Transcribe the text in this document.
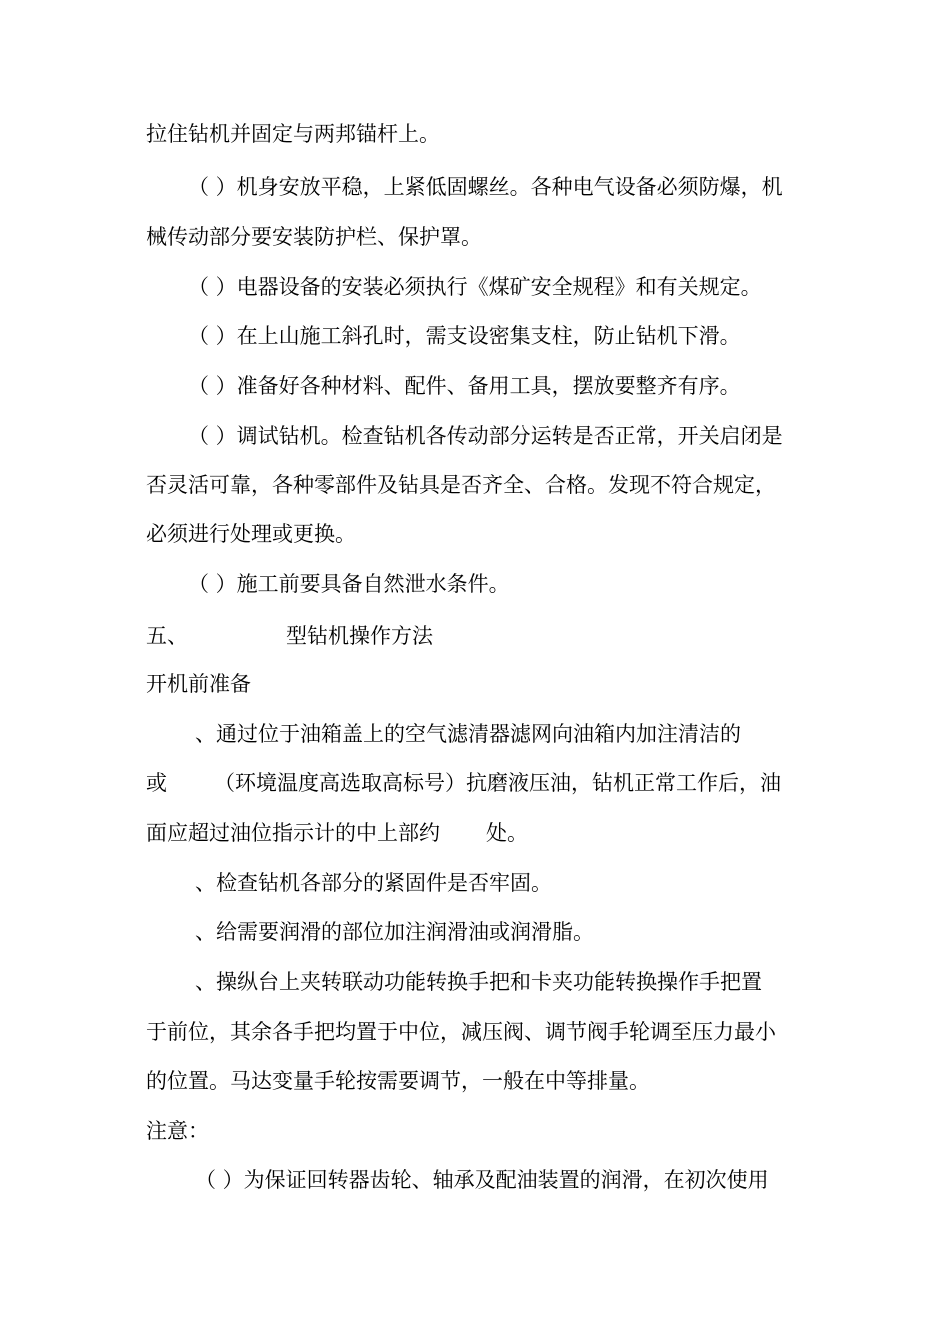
拉住钻机并固定与两邦锚杆上。

（ ）机身安放平稳，上紧低固螺丝。各种电气设备必须防爆，机

械传动部分要安装防护栏、保护罩。

（ ）电器设备的安装必须执行《煤矿安全规程》和有关规定。

（ ）在上山施工斜孔时，需支设密集支柱，防止钻机下滑。

（ ）准备好各种材料、配件、备用工具，摆放要整齐有序。

（ ）调试钻机。检查钻机各传动部分运转是否正常，开关启闭是

否灵活可靠，各种零部件及钻具是否齐全、合格。发现不符合规定，

必须进行处理或更换。

（ ）施工前要具备自然泄水条件。

五、	型钻机操作方法

开机前准备

、通过位于油箱盖上的空气滤清器滤网向油箱内加注清洁的

或 （环境温度高选取高标号）抗磨液压油，钻机正常工作后，油

面应超过油位指示计的中上部约 处。

、检查钻机各部分的紧固件是否牢固。

、给需要润滑的部位加注润滑油或润滑脂。

、操纵台上夹转联动功能转换手把和卡夹功能转换操作手把置

于前位，其余各手把均置于中位，减压阀、调节阀手轮调至压力最小

的位置。马达变量手轮按需要调节，一般在中等排量。

注意：

（ ）为保证回转器齿轮、轴承及配油装置的润滑，在初次使用
